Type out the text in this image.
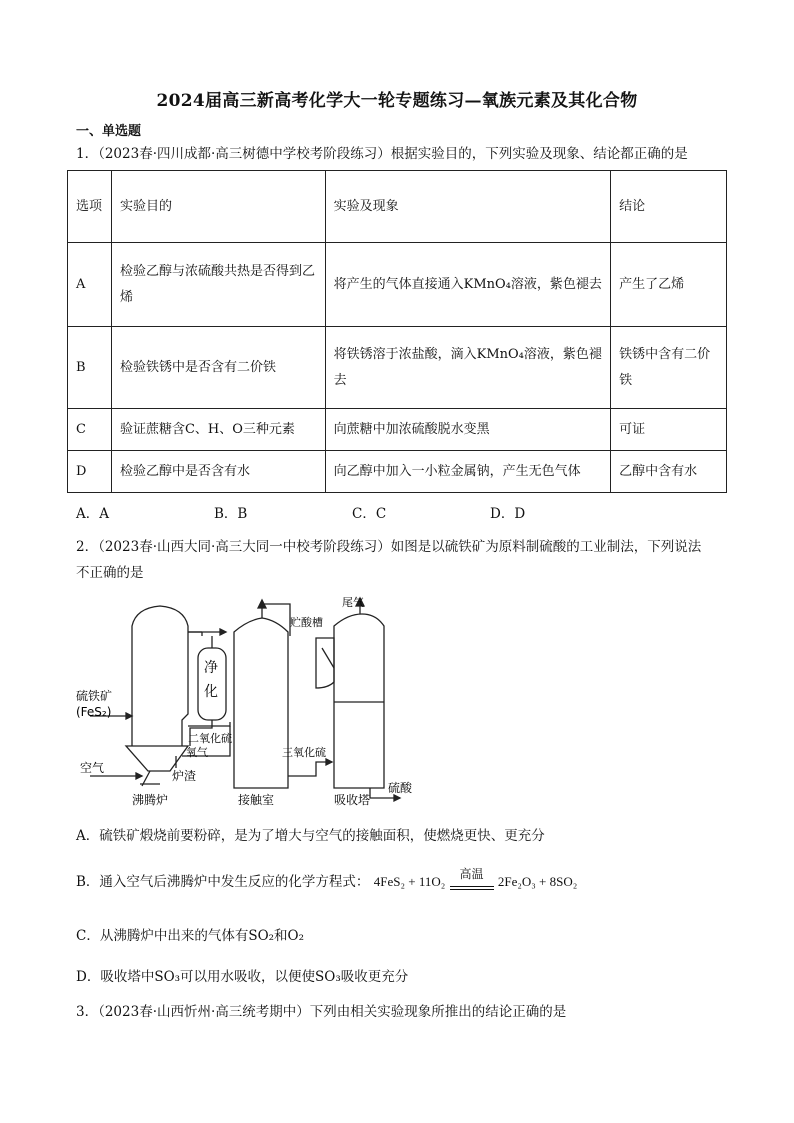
2024届高三新高考化学大一轮专题练习—氧族元素及其化合物
一、单选题
1．（2023春·四川成都·高三树德中学校考阶段练习）根据实验目的，下列实验及现象、结论都正确的是
选项	实验目的	实验及现象	结论
A	检验乙醇与浓硫酸共热是否得到乙烯	将产生的气体直接通入KMnO₄溶液，紫色褪去	产生了乙烯
B	检验铁锈中是否含有二价铁	将铁锈溶于浓盐酸，滴入KMnO₄溶液，紫色褪去	铁锈中含有二价铁
C	验证蔗糖含C、H、O三种元素	向蔗糖中加浓硫酸脱水变黑	可证
D	检验乙醇中是否含有水	向乙醇中加入一小粒金属钠，产生无色气体	乙醇中含有水
A．A	B．B	C．C	D．D
2．（2023春·山西大同·高三大同一中校考阶段练习）如图是以硫铁矿为原料制硫酸的工业制法，下列说法
不正确的是
硫铁矿
(FeS₂)
空气
沸腾炉
净
化
二氧化硫
氧气
炉渣
接触室
三氧化硫
贮酸槽
尾气
吸收塔
硫酸
A．硫铁矿煅烧前要粉碎，是为了增大与空气的接触面积，使燃烧更快、更充分
B．通入空气后沸腾炉中发生反应的化学方程式： 4FeS₂ + 11O₂	高温	2Fe₂O₃ + 8SO₂
C．从沸腾炉中出来的气体有SO₂和O₂
D．吸收塔中SO₃可以用水吸收，以便使SO₃吸收更充分
3．（2023春·山西忻州·高三统考期中）下列由相关实验现象所推出的结论正确的是
